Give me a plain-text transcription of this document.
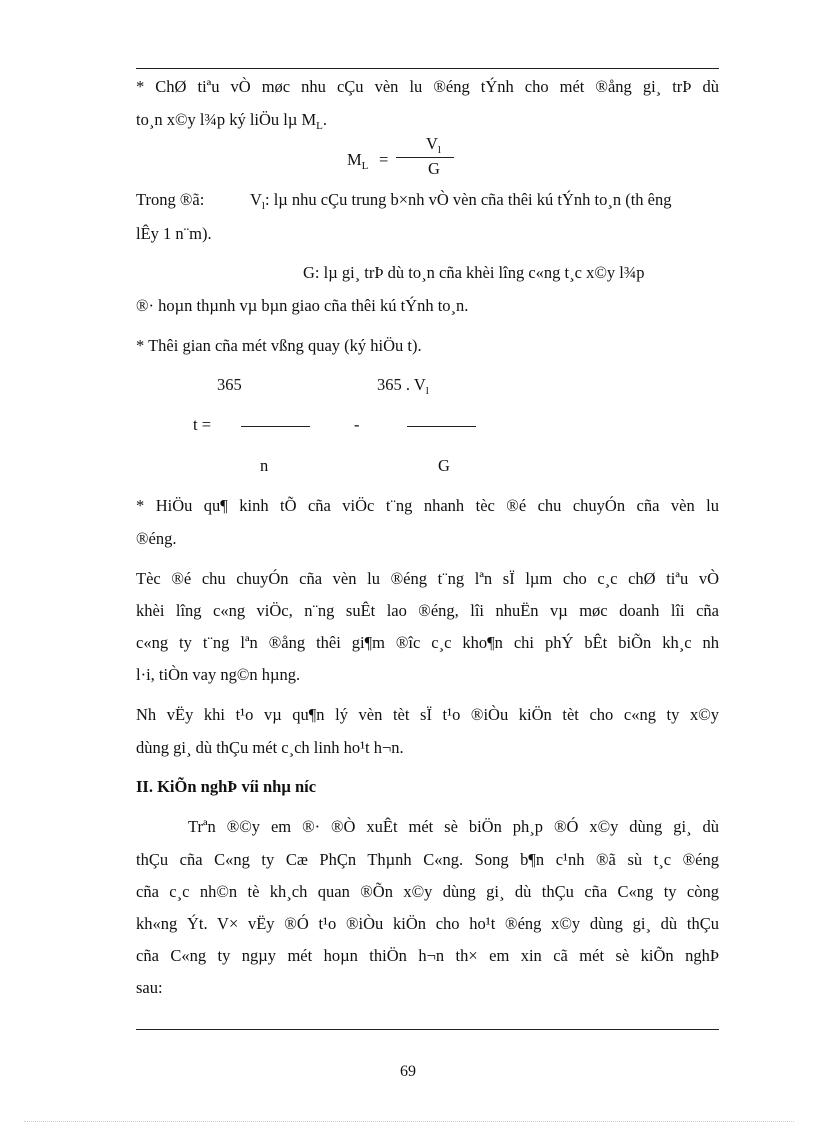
* ChØ tiªu vÒ møc nhu cÇu vèn lu ®éng tÝnh cho mét ®ång gi¸ trÞ dù
to¸n x©y l¾p ký liÖu lµ $M_L$.
$M_L$ =
$V_l$
G
Trong ®ã:	$V_l$: lµ nhu cÇu trung b×nh vÒ vèn cña thêi kú tÝnh to¸n (th êng
lÊy 1 n¨m).
G: lµ gi¸ trÞ dù to¸n cña khèi lîng c«ng t¸c x©y l¾p
®· hoµn thµnh vµ bµn giao cña thêi kú tÝnh to¸n.
* Thêi gian cña mét vßng quay (ký hiÖu t).
365	365 . $V_l$
t =	-
n	G
* HiÖu qu¶ kinh tÕ cña viÖc t¨ng nhanh tèc ®é chu chuyÓn cña vèn lu
®éng.
Tèc ®é chu chuyÓn cña vèn lu ®éng t¨ng lªn sÏ lµm cho c¸c chØ tiªu vÒ
khèi lîng c«ng viÖc, n¨ng suÊt lao ®éng, lîi nhuËn vµ møc doanh lîi cña
c«ng ty t¨ng lªn ®ång thêi gi¶m ®îc c¸c kho¶n chi phÝ bÊt biÕn kh¸c nh
l·i, tiÒn vay ng©n hµng.
Nh vËy khi t¹o vµ qu¶n lý vèn tèt sÏ t¹o ®iÒu kiÖn tèt cho c«ng ty x©y
dùng gi¸ dù thÇu mét c¸ch linh ho¹t h¬n.
II. KiÕn nghÞ víi nhµ níc
Trªn ®©y em ®· ®Ò xuÊt mét sè biÖn ph¸p ®Ó x©y dùng gi¸ dù
thÇu cña C«ng ty Cæ PhÇn Thµnh C«ng. Song b¶n c¹nh ®ã sù t¸c ®éng
cña c¸c nh©n tè kh¸ch quan ®Õn x©y dùng gi¸ dù thÇu cña C«ng ty còng
kh«ng Ýt. V× vËy ®Ó t¹o ®iÒu kiÖn cho ho¹t ®éng x©y dùng gi¸ dù thÇu
cña C«ng ty ngµy mét hoµn thiÖn h¬n th× em xin cã mét sè kiÕn nghÞ
sau:
69
